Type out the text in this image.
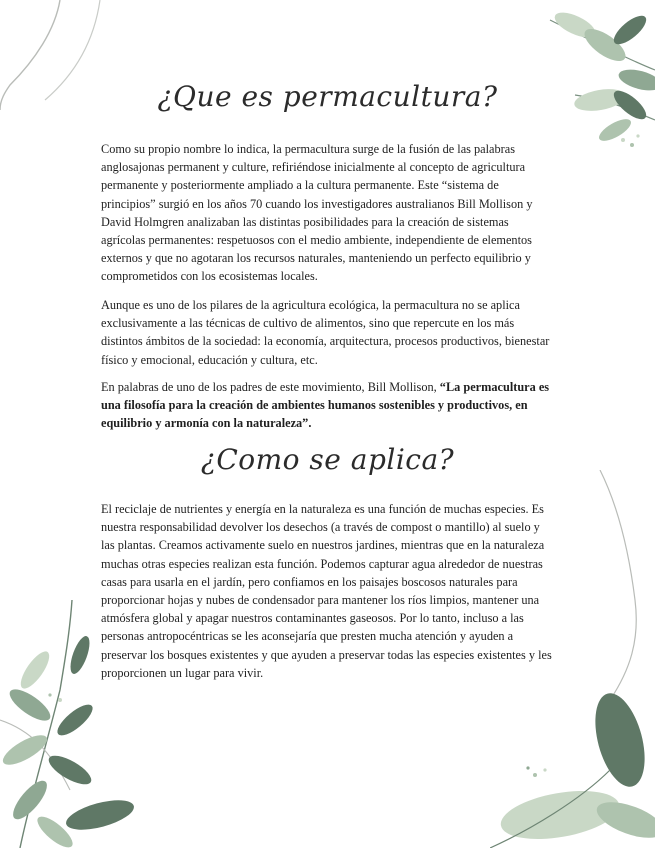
¿Que es permacultura?

Como su propio nombre lo indica, la permacultura surge de la fusión de las palabras anglosajonas permanent y culture, refiriéndose inicialmente al concepto de agricultura permanente y posteriormente ampliado a la cultura permanente. Este “sistema de principios” surgió en los años 70 cuando los investigadores australianos Bill Mollison y David Holmgren analizaban las distintas posibilidades para la creación de sistemas agrícolas permanentes: respetuosos con el medio ambiente, independiente de elementos externos y que no agotaran los recursos naturales, manteniendo un perfecto equilibrio y comprometidos con los ecosistemas locales.

Aunque es uno de los pilares de la agricultura ecológica, la permacultura no se aplica exclusivamente a las técnicas de cultivo de alimentos, sino que repercute en los más distintos ámbitos de la sociedad: la economía, arquitectura, procesos productivos, bienestar físico y emocional, educación y cultura, etc.

En palabras de uno de los padres de este movimiento, Bill Mollison, “La permacultura es una filosofía para la creación de ambientes humanos sostenibles y productivos, en equilibrio y armonía con la naturaleza”.

¿Como se aplica?

El reciclaje de nutrientes y energía en la naturaleza es una función de muchas especies. Es nuestra responsabilidad devolver los desechos (a través de compost o mantillo) al suelo y las plantas. Creamos activamente suelo en nuestros jardines, mientras que en la naturaleza muchas otras especies realizan esta función. Podemos capturar agua alrededor de nuestras casas para usarla en el jardín, pero confiamos en los paisajes boscosos naturales para proporcionar hojas y nubes de condensador para mantener los ríos limpios, mantener una atmósfera global y apagar nuestros contaminantes gaseosos. Por lo tanto, incluso a las personas antropocéntricas se les aconsejaría que presten mucha atención y ayuden a preservar los bosques existentes y que ayuden a preservar todas las especies existentes y les proporcionen un lugar para vivir.
